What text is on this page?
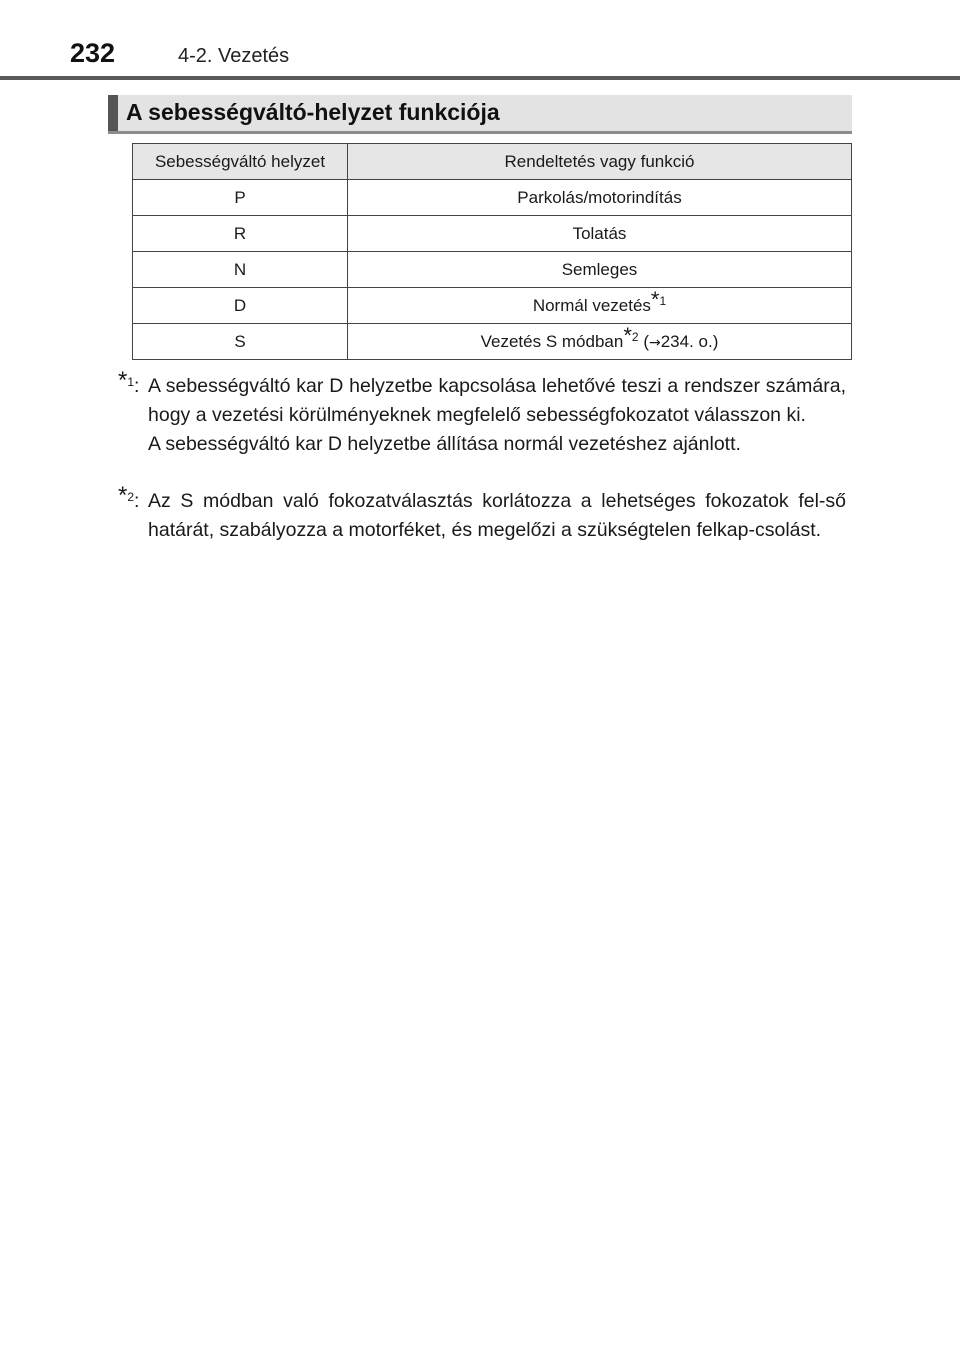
232	4-2. Vezetés
A sebességváltó-helyzet funkciója
Sebességváltó helyzet	Rendeltetés vagy funkció
P	Parkolás/motorindítás
R	Tolatás
N	Semleges
D	Normál vezetés*$^1$
S	Vezetés S módban*$^2$ (→234. o.)
*$^1$: A sebességváltó kar D helyzetbe kapcsolása lehetővé teszi a rendszer számára, hogy a vezetési körülményeknek megfelelő sebességfokozatot válasszon ki.

A sebességváltó kar D helyzetbe állítása normál vezetéshez ajánlott.

*$^2$: Az S módban való fokozatválasztás korlátozza a lehetséges fokozatok fel-ső határát, szabályozza a motorféket, és megelőzi a szükségtelen felkap-csolást.
